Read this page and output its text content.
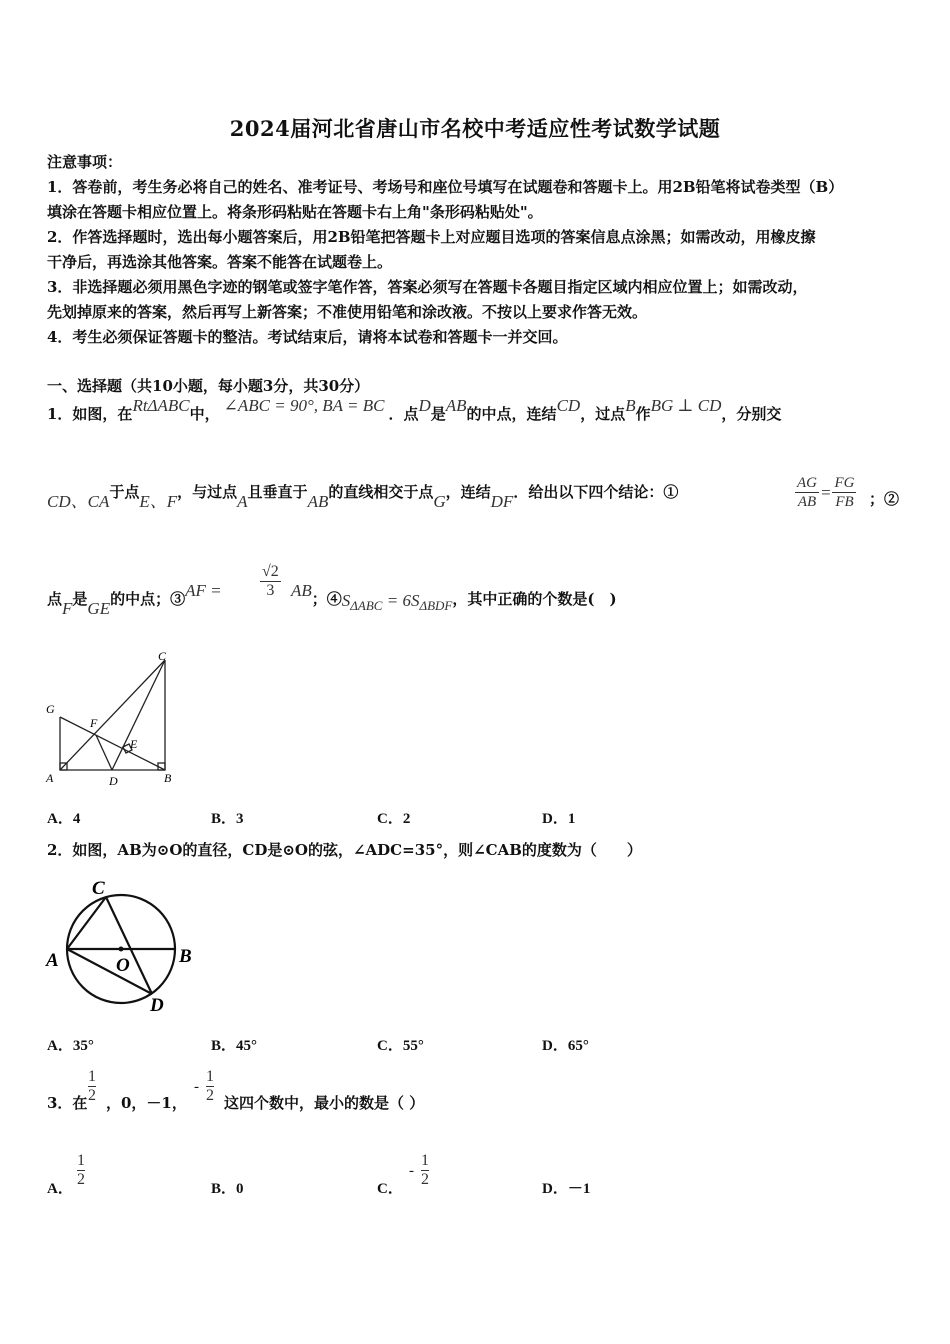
2024届河北省唐山市名校中考适应性考试数学试题
注意事项：
1．答卷前，考生务必将自己的姓名、准考证号、考场号和座位号填写在试题卷和答题卡上。用2B铅笔将试卷类型（B）
填涂在答题卡相应位置上。将条形码粘贴在答题卡右上角"条形码粘贴处"。
2．作答选择题时，选出每小题答案后，用2B铅笔把答题卡上对应题目选项的答案信息点涂黑；如需改动，用橡皮擦
干净后，再选涂其他答案。答案不能答在试题卷上。
3．非选择题必须用黑色字迹的钢笔或签字笔作答，答案必须写在答题卡各题目指定区域内相应位置上；如需改动，
先划掉原来的答案，然后再写上新答案；不准使用铅笔和涂改液。不按以上要求作答无效。
4．考生必须保证答题卡的整洁。考试结束后，请将本试卷和答题卡一并交回。
一、选择题（共10小题，每小题3分，共30分）
1．如图，在RtΔABC中， ∠ABC = 90°, BA = BC ．点D是AB的中点，连结CD，过点B作BG ⊥ CD，分别交
CD、CA于点E、F，与过点A且垂直于AB的直线相交于点G，连结DF．给出以下四个结论：①	$\frac{AG}{AB} = \frac{FG}{FB}$ ；②
点F是GE的中点；③AF = $\frac{√2}{3}$ AB；④SΔABC = 6SΔBDF，其中正确的个数是(　)
C
G
F
E
A	D	B
A．4	B．3	C．2	D．1
2．如图，AB为⊙O的直径，CD是⊙O的弦，∠ADC=35°，则∠CAB的度数为（　　）
C
A	O	B
D
A．35°	B．45°	C．55°	D．65°
3．在
1
2 ，0，－1，
-
1
2 这四个数中，最小的数是（ ）
A．
1
2
B．0	C．
-
1
2
D．－1
